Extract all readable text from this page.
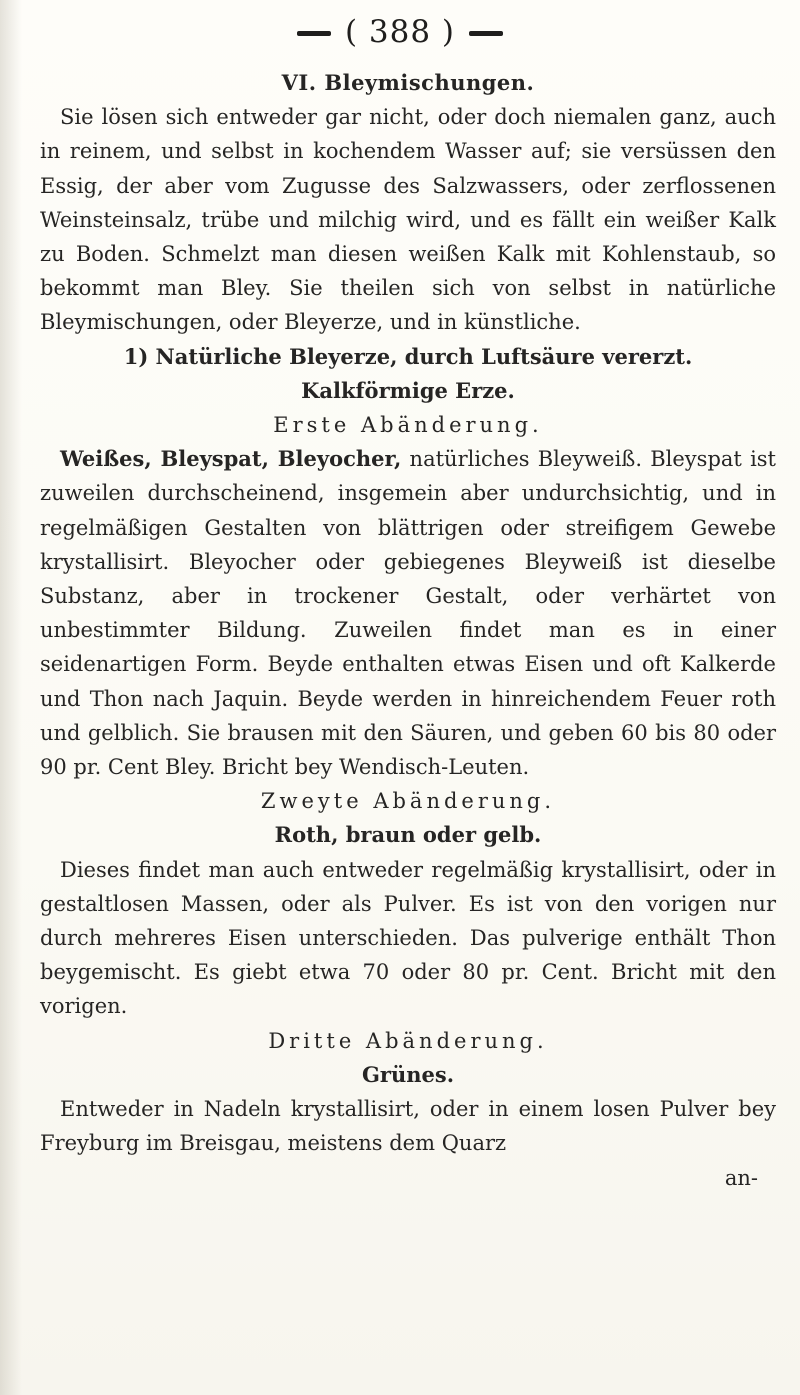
( 388 )

VI. Bleymischungen.

Sie lösen sich entweder gar nicht, oder doch niemalen ganz, auch in reinem, und selbst in kochendem Wasser auf; sie versüssen den Essig, der aber vom Zugusse des Salzwassers, oder zerflossenen Weinsteinsalz, trübe und milchig wird, und es fällt ein weißer Kalk zu Boden. Schmelzt man diesen weißen Kalk mit Kohlenstaub, so bekommt man Bley. Sie theilen sich von selbst in natürliche Bleymischungen, oder Bleyerze, und in künstliche.

1) Natürliche Bleyerze, durch Luftsäure vererzt.

Kalkförmige Erze.

Erste Abänderung.

Weißes, Bleyspat, Bleyocher, natürliches Bleyweiß. Bleyspat ist zuweilen durchscheinend, insgemein aber undurchsichtig, und in regelmäßigen Gestalten von blättrigen oder streifigem Gewebe krystallisirt. Bleyocher oder gebiegenes Bleyweiß ist dieselbe Substanz, aber in trockener Gestalt, oder verhärtet von unbestimmter Bildung. Zuweilen findet man es in einer seidenartigen Form. Beyde enthalten etwas Eisen und oft Kalkerde und Thon nach Jaquin. Beyde werden in hinreichendem Feuer roth und gelblich. Sie brausen mit den Säuren, und geben 60 bis 80 oder 90 pr. Cent Bley. Bricht bey Wendisch-Leuten.

Zweyte Abänderung.

Roth, braun oder gelb.

Dieses findet man auch entweder regelmäßig krystallisirt, oder in gestaltlosen Massen, oder als Pulver. Es ist von den vorigen nur durch mehreres Eisen unterschieden. Das pulverige enthält Thon beygemischt. Es giebt etwa 70 oder 80 pr. Cent. Bricht mit den vorigen.

Dritte Abänderung.

Grünes.

Entweder in Nadeln krystallisirt, oder in einem losen Pulver bey Freyburg im Breisgau, meistens dem Quarz

an-
